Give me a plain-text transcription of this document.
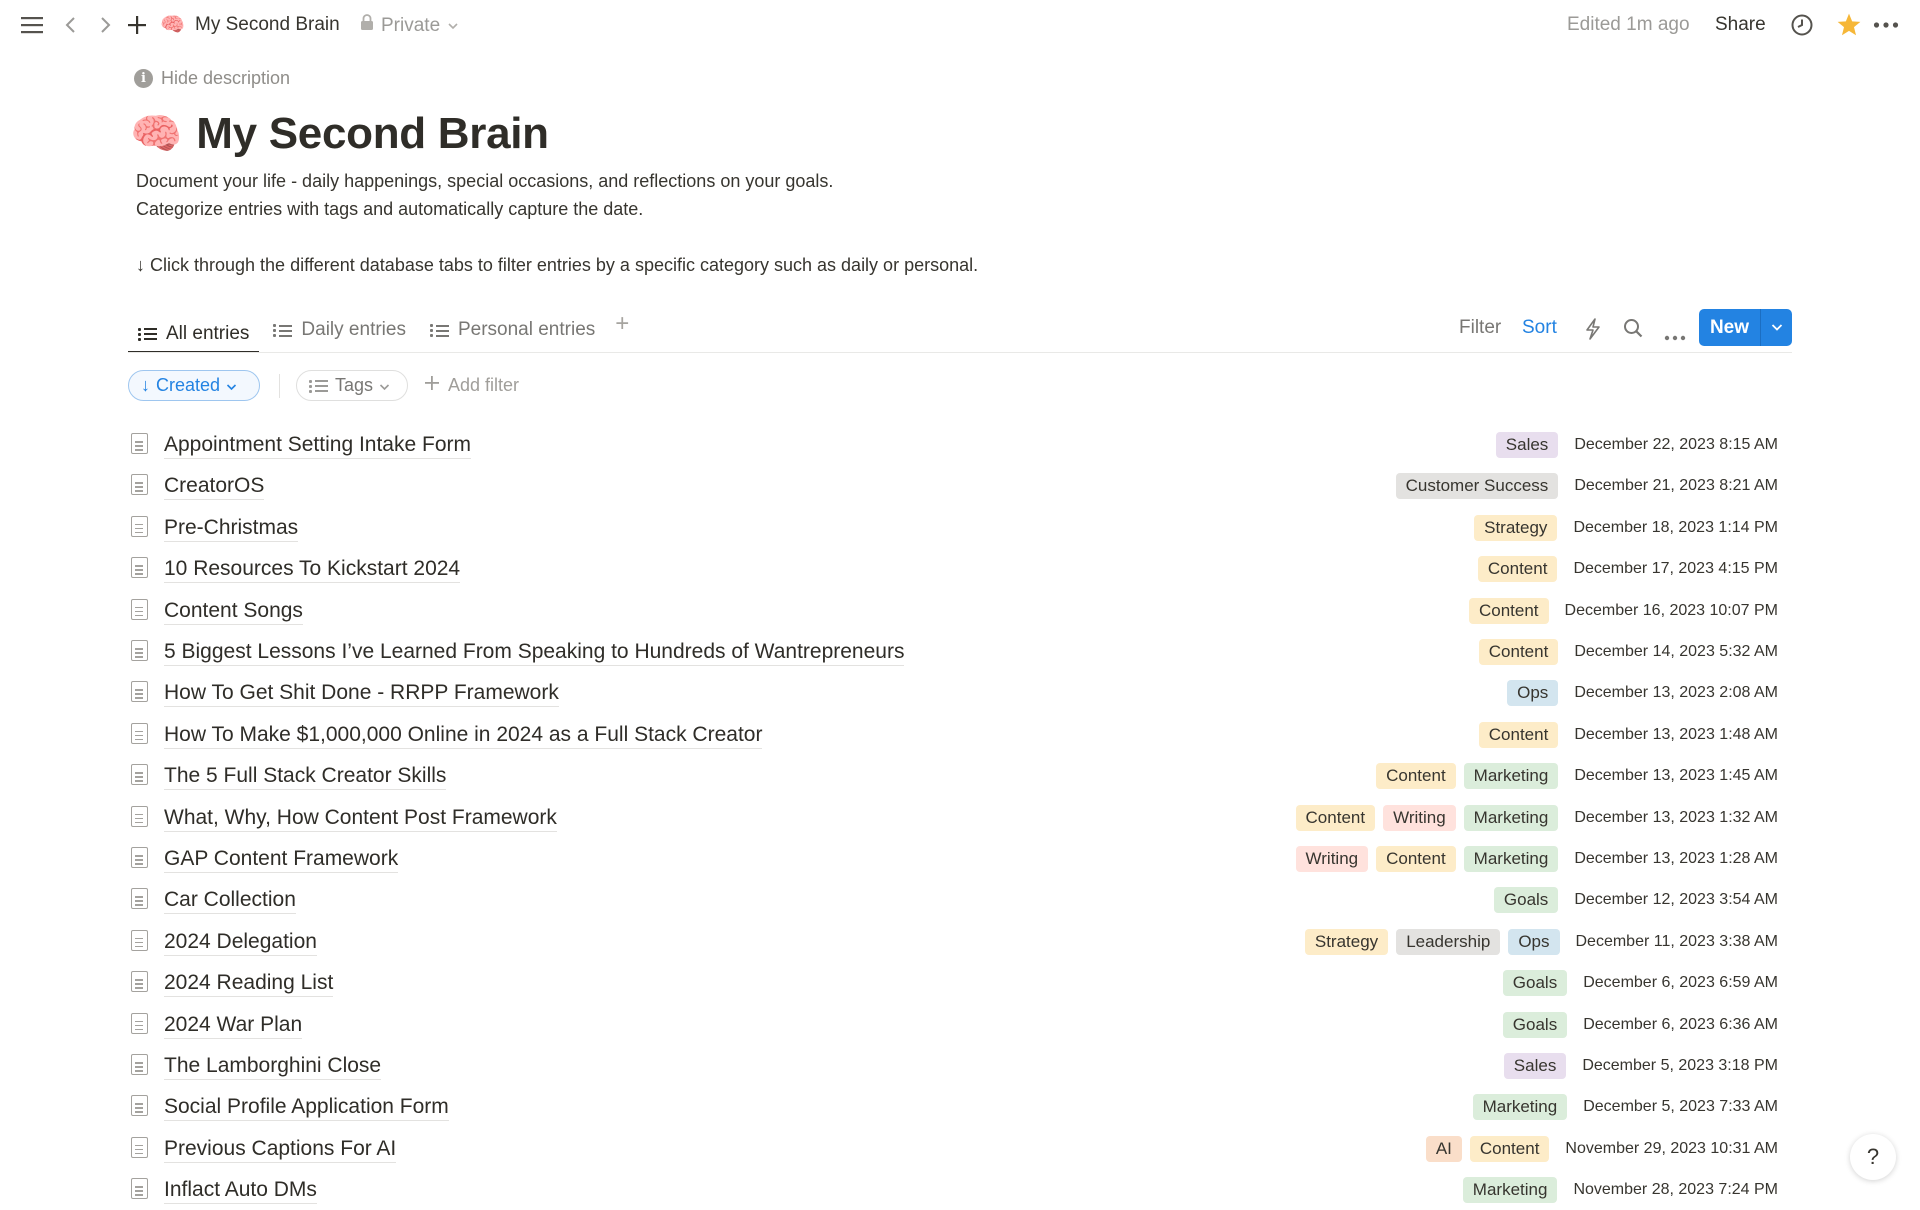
🧠 My Second Brain Private	Edited 1m ago Share
i Hide description
🧠 My Second Brain
Document your life - daily happenings, special occasions, and reflections on your goals.
Categorize entries with tags and automatically capture the date.
↓ Click through the different database tabs to filter entries by a specific category such as daily or personal.
All entries	Daily entries	Personal entries +	Filter Sort	New
↓ Created	Tags	Add filter
Appointment Setting Intake Form	Sales	December 22, 2023 8:15 AM
CreatorOS	Customer Success	December 21, 2023 8:21 AM
Pre-Christmas	Strategy	December 18, 2023 1:14 PM
10 Resources To Kickstart 2024	Content	December 17, 2023 4:15 PM
Content Songs	Content	December 16, 2023 10:07 PM
5 Biggest Lessons I’ve Learned From Speaking to Hundreds of Wantrepreneurs	Content	December 14, 2023 5:32 AM
How To Get Shit Done - RRPP Framework	Ops	December 13, 2023 2:08 AM
How To Make $1,000,000 Online in 2024 as a Full Stack Creator	Content	December 13, 2023 1:48 AM
The 5 Full Stack Creator Skills	Content	Marketing	December 13, 2023 1:45 AM
What, Why, How Content Post Framework	Content	Writing	Marketing	December 13, 2023 1:32 AM
GAP Content Framework	Writing	Content	Marketing	December 13, 2023 1:28 AM
Car Collection	Goals	December 12, 2023 3:54 AM
2024 Delegation	Strategy	Leadership	Ops	December 11, 2023 3:38 AM
2024 Reading List	Goals	December 6, 2023 6:59 AM
2024 War Plan	Goals	December 6, 2023 6:36 AM
The Lamborghini Close	Sales	December 5, 2023 3:18 PM
Social Profile Application Form	Marketing	December 5, 2023 7:33 AM
Previous Captions For AI	AI	Content	November 29, 2023 10:31 AM
Inflact Auto DMs	Marketing	November 28, 2023 7:24 PM
?
